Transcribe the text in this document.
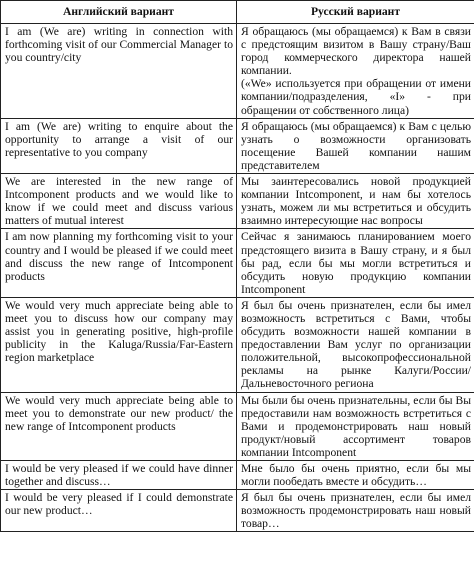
Английский вариант	Русский вариант
I am (We are) writing in connection with forthcoming visit of our Commercial Manager to you country/city	Я обращаюсь (мы обращаемся) к Вам в связи с предстоящим визитом в Вашу страну/Ваш город коммерческого директора нашей компании.
(«We» используется при обращении от имени компании/подразделения, «I» - при обращении от собственного лица)

I am (We are) writing to enquire about the opportunity to arrange a visit of our representative to you company	Я обращаюсь (мы обращаемся) к Вам с целью узнать о возможности организовать посещение Вашей компании нашим представителем
We are interested in the new range of Intcomponent products and we would like to know if we could meet and discuss various matters of mutual interest	Мы заинтересовались новой продукцией компании Intcomponent, и нам бы хотелось узнать, можем ли мы встретиться и обсудить взаимно интересующие нас вопросы
I am now planning my forthcoming visit to your country and I would be pleased if we could meet and discuss the new range of Intcomponent products	Сейчас я занимаюсь планированием моего предстоящего визита в Вашу страну, и я был бы рад, если бы мы могли встретиться и обсудить новую продукцию компании Intcomponent
We would very much appreciate being able to meet you to discuss how our company may assist you in generating positive, high-profile publicity in the Kaluga/Russia/Far-Eastern region marketplace	Я был бы очень признателен, если бы имел возможность встретиться с Вами, чтобы обсудить возможности нашей компании в предоставлении Вам услуг по организации положительной, высокопрофессиональной рекламы на рынке Калуги/России/Дальневосточного региона
We would very much appreciate being able to meet you to demonstrate our new product/ the new range of Intcomponent products	Мы были бы очень признательны, если бы Вы предоставили нам возможность встретиться с Вами и продемонстрировать наш новый продукт/новый ассортимент товаров компании Intcomponent
I would be very pleased if we could have dinner together and discuss…	Мне было бы очень приятно, если бы мы могли пообедать вместе и обсудить…
I would be very pleased if I could demonstrate our new product…	Я был бы очень признателен, если бы имел возможность продемонстрировать наш новый товар…
